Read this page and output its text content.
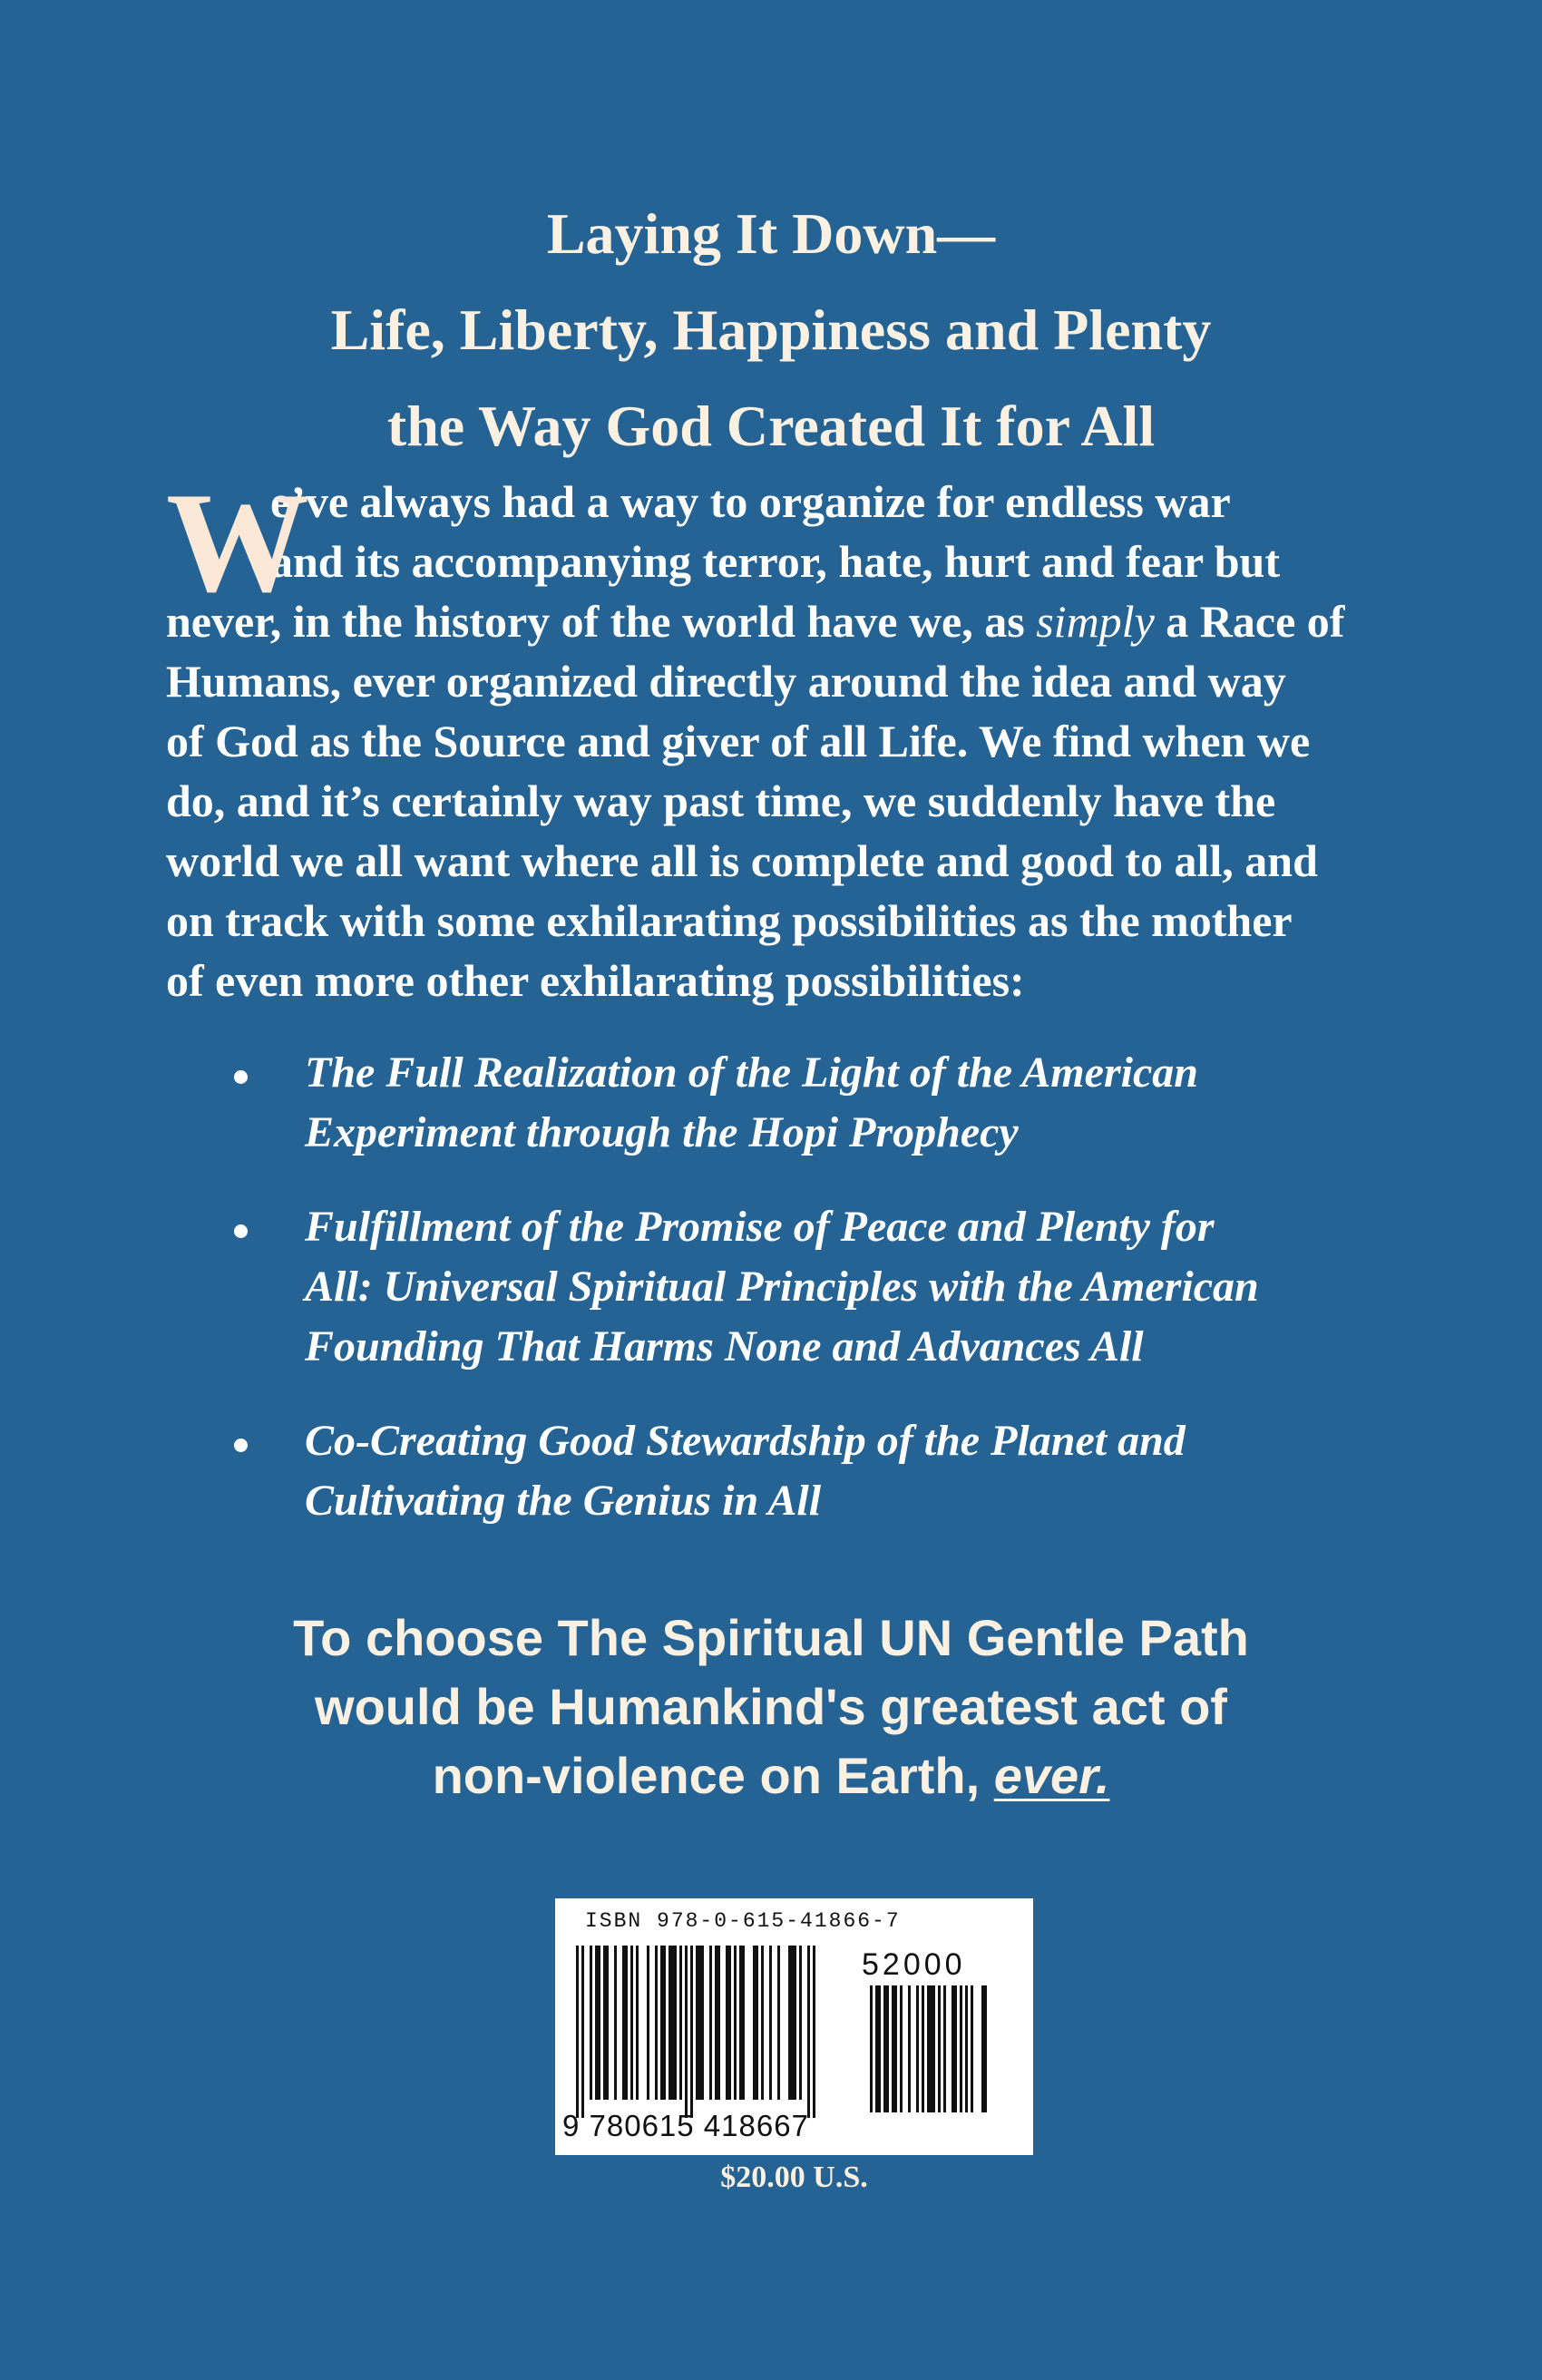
Laying It Down—
Life, Liberty, Happiness and Plenty
the Way God Created It for All
W
e’ve always had a way to organize for endless war
and its accompanying terror, hate, hurt and fear but
never, in the history of the world have we, as simply a Race of
Humans, ever organized directly around the idea and way
of God as the Source and giver of all Life. We find when we
do, and it’s certainly way past time, we suddenly have the
world we all want where all is complete and good to all, and
on track with some exhilarating possibilities as the mother
of even more other exhilarating possibilities:
The Full Realization of the Light of the American
Experiment through the Hopi Prophecy
Fulfillment of the Promise of Peace and Plenty for
All: Universal Spiritual Principles with the American
Founding That Harms None and Advances All
Co-Creating Good Stewardship of the Planet and
Cultivating the Genius in All
To choose The Spiritual UN Gentle Path
would be Humankind's greatest act of
non-violence on Earth, ever.
ISBN 978-0-615-41866-7
52000
9 780615 418667
$20.00 U.S.
